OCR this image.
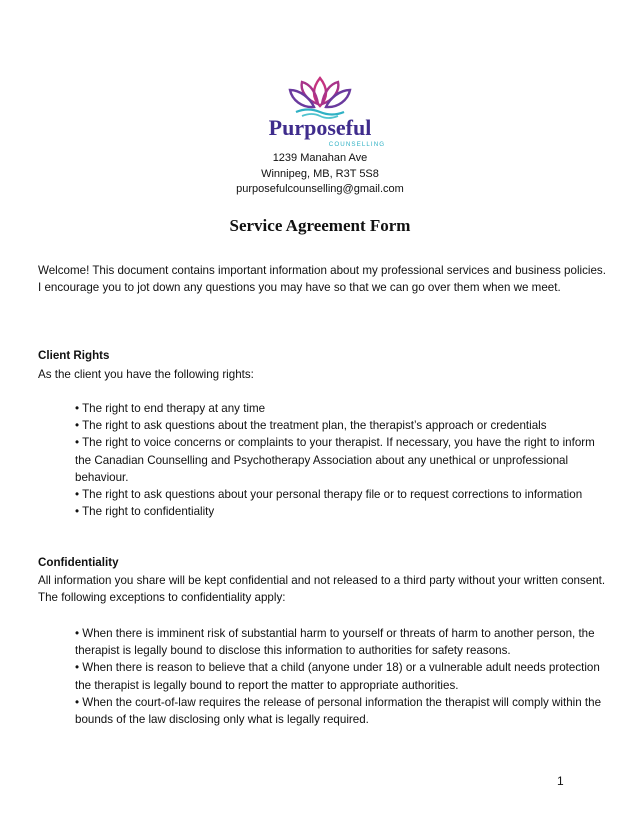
Purposeful
COUNSELLING
1239 Manahan Ave
Winnipeg, MB, R3T 5S8
purposefulcounselling@gmail.com
Service Agreement Form
Welcome! This document contains important information about my professional services and business policies. I encourage you to jot down any questions you may have so that we can go over them when we meet.
Client Rights
As the client you have the following rights:
• The right to end therapy at any time
• The right to ask questions about the treatment plan, the therapist’s approach or credentials
• The right to voice concerns or complaints to your therapist. If necessary, you have the right to inform the Canadian Counselling and Psychotherapy Association about any unethical or unprofessional behaviour.
• The right to ask questions about your personal therapy file or to request corrections to information
• The right to confidentiality
Confidentiality
All information you share will be kept confidential and not released to a third party without your written consent. The following exceptions to confidentiality apply:
• When there is imminent risk of substantial harm to yourself or threats of harm to another person, the therapist is legally bound to disclose this information to authorities for safety reasons.
• When there is reason to believe that a child (anyone under 18) or a vulnerable adult needs protection the therapist is legally bound to report the matter to appropriate authorities.
• When the court-of-law requires the release of personal information the therapist will comply within the bounds of the law disclosing only what is legally required.
1
